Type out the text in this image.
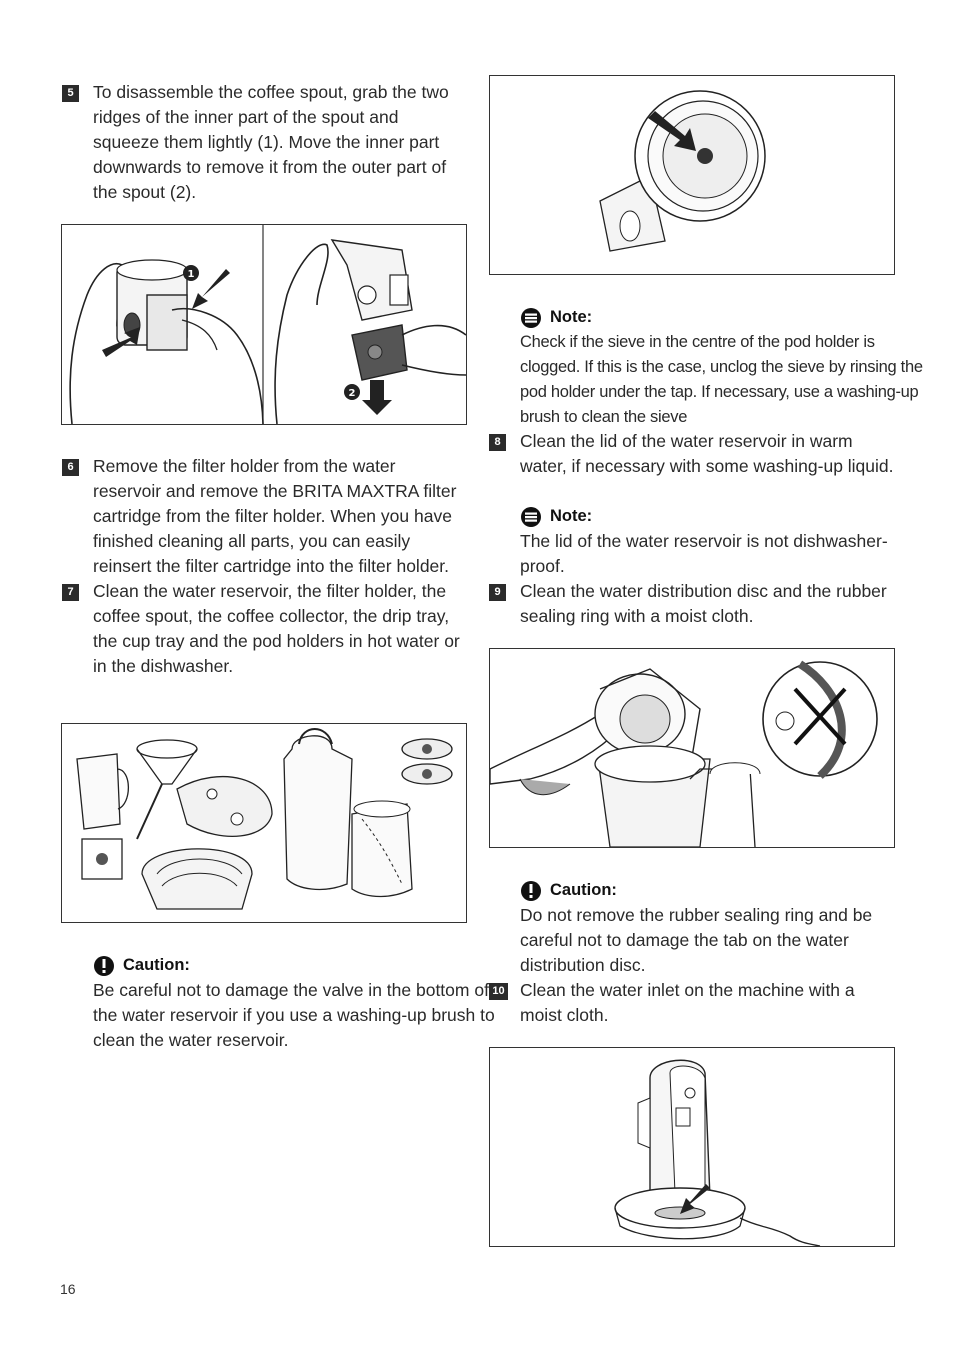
5	To disassemble the coffee spout, grab the two ridges of the inner part of the spout and squeeze them lightly (1). Move the inner part downwards to remove it from the outer part of the spout (2).
1
2
6	Remove the filter holder from the water reservoir and remove the BRITA MAXTRA filter cartridge from the filter holder. When you have finished cleaning all parts, you can easily reinsert the filter cartridge into the filter holder.
7	Clean the water reservoir, the filter holder, the coffee spout, the coffee collector, the drip tray, the cup tray and the pod holders in hot water or in the dishwasher.
Caution:
Be careful not to damage the valve in the bottom of the water reservoir if you use a washing-up brush to clean the water reservoir.
Note:
Check if the sieve in the centre of the pod holder is clogged. If this is the case, unclog the sieve by rinsing the pod holder under the tap. If necessary, use a washing-up brush to clean the sieve
8	Clean the lid of the water reservoir in warm water, if necessary with some washing-up liquid.
Note:
The lid of the water reservoir is not dishwasher-proof.
9	Clean the water distribution disc and the rubber sealing ring with a moist cloth.
Caution:
Do not remove the rubber sealing ring and be careful not to damage the tab on the water distribution disc.
10 Clean the water inlet on the machine with a moist cloth.
16
